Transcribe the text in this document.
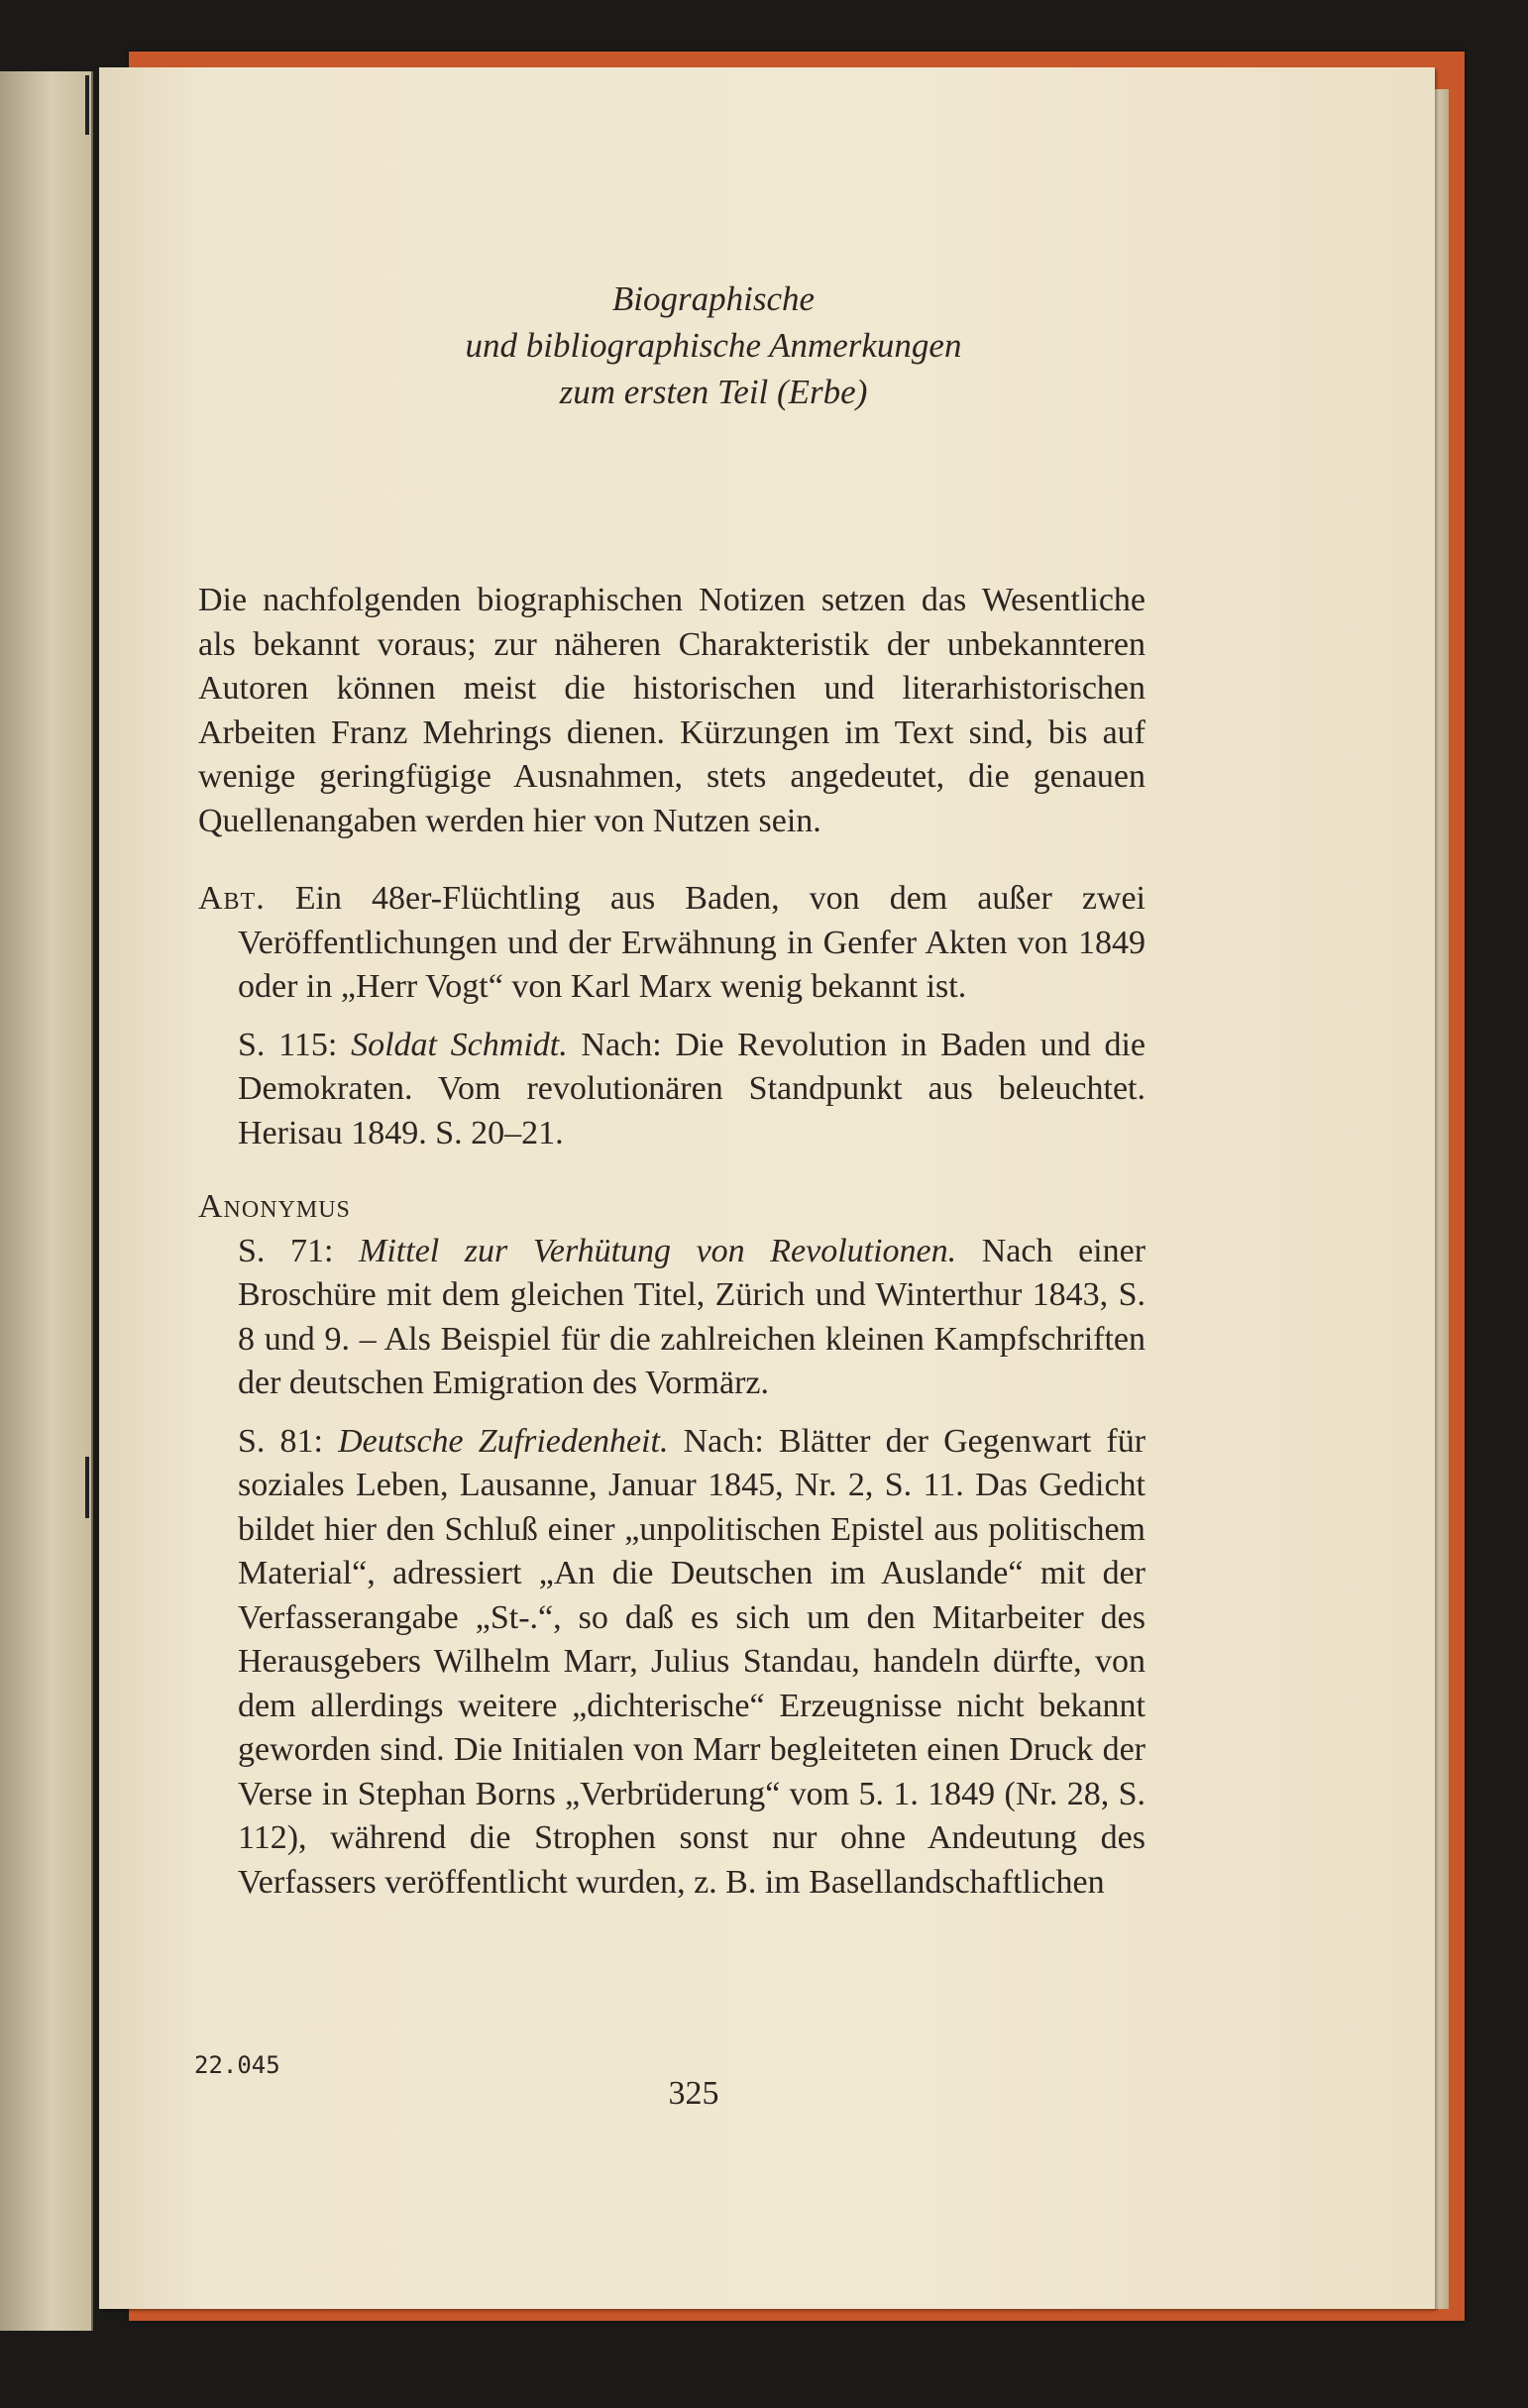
Biographische
und bibliographische Anmerkungen
zum ersten Teil (Erbe)

Die nachfolgenden biographischen Notizen setzen das Wesentliche als bekannt voraus; zur näheren Charakteristik der unbekannteren Autoren können meist die historischen und literarhistorischen Arbeiten Franz Mehrings dienen. Kürzungen im Text sind, bis auf wenige geringfügige Ausnahmen, stets angedeutet, die genauen Quellenangaben werden hier von Nutzen sein.

Abt. Ein 48er-Flüchtling aus Baden, von dem außer zwei Veröffentlichungen und der Erwähnung in Genfer Akten von 1849 oder in „Herr Vogt“ von Karl Marx wenig bekannt ist.

S. 115: Soldat Schmidt. Nach: Die Revolution in Baden und die Demokraten. Vom revolutionären Standpunkt aus beleuchtet. Herisau 1849. S. 20–21.

Anonymus

S. 71: Mittel zur Verhütung von Revolutionen. Nach einer Broschüre mit dem gleichen Titel, Zürich und Winterthur 1843, S. 8 und 9. – Als Beispiel für die zahlreichen kleinen Kampfschriften der deutschen Emigration des Vormärz.

S. 81: Deutsche Zufriedenheit. Nach: Blätter der Gegenwart für soziales Leben, Lausanne, Januar 1845, Nr. 2, S. 11. Das Gedicht bildet hier den Schluß einer „unpolitischen Epistel aus politischem Material“, adressiert „An die Deutschen im Auslande“ mit der Verfasserangabe „St-.“, so daß es sich um den Mitarbeiter des Herausgebers Wilhelm Marr, Julius Standau, handeln dürfte, von dem allerdings weitere „dichterische“ Erzeugnisse nicht bekannt geworden sind. Die Initialen von Marr begleiteten einen Druck der Verse in Stephan Borns „Verbrüderung“ vom 5. 1. 1849 (Nr. 28, S. 112), während die Strophen sonst nur ohne Andeutung des Verfassers veröffentlicht wurden, z. B. im Basellandschaftlichen

22.045
325
